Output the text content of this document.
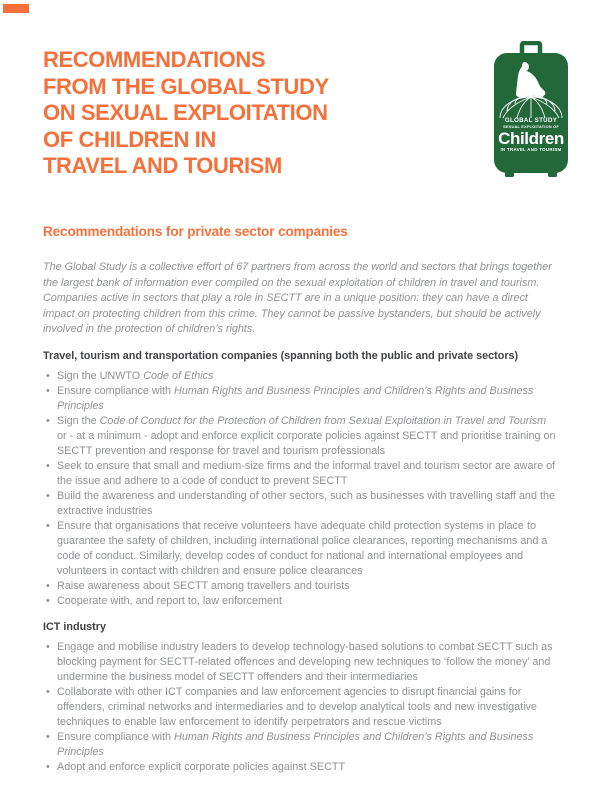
RECOMMENDATIONS
FROM THE GLOBAL STUDY
ON SEXUAL EXPLOITATION
OF CHILDREN IN
TRAVEL AND TOURISM
GLOBAL STUDY
SEXUAL EXPLOITATION OF
Children
IN TRAVEL AND TOURISM
Recommendations for private sector companies

The Global Study is a collective effort of 67 partners from across the world and sectors that brings together the largest bank of information ever compiled on the sexual exploitation of children in travel and tourism. Companies active in sectors that play a role in SECTT are in a unique position: they can have a direct impact on protecting children from this crime. They cannot be passive bystanders, but should be actively involved in the protection of children’s rights.

Travel, tourism and transportation companies (spanning both the public and private sectors)
• Sign the UNWTO Code of Ethics
• Ensure compliance with Human Rights and Business Principles and Children’s Rights and Business Principles
• Sign the Code of Conduct for the Protection of Children from Sexual Exploitation in Travel and Tourism or - at a minimum - adopt and enforce explicit corporate policies against SECTT and prioritise training on SECTT prevention and response for travel and tourism professionals
• Seek to ensure that small and medium-size firms and the informal travel and tourism sector are aware of the issue and adhere to a code of conduct to prevent SECTT
• Build the awareness and understanding of other sectors, such as businesses with travelling staff and the extractive industries
• Ensure that organisations that receive volunteers have adequate child protection systems in place to guarantee the safety of children, including international police clearances, reporting mechanisms and a code of conduct. Similarly, develop codes of conduct for national and international employees and volunteers in contact with children and ensure police clearances
• Raise awareness about SECTT among travellers and tourists
• Cooperate with, and report to, law enforcement
ICT industry
• Engage and mobilise industry leaders to develop technology-based solutions to combat SECTT such as blocking payment for SECTT-related offences and developing new techniques to ‘follow the money’ and undermine the business model of SECTT offenders and their intermediaries
• Collaborate with other ICT companies and law enforcement agencies to disrupt financial gains for offenders, criminal networks and intermediaries and to develop analytical tools and new investigative techniques to enable law enforcement to identify perpetrators and rescue victims
• Ensure compliance with Human Rights and Business Principles and Children’s Rights and Business Principles
• Adopt and enforce explicit corporate policies against SECTT
